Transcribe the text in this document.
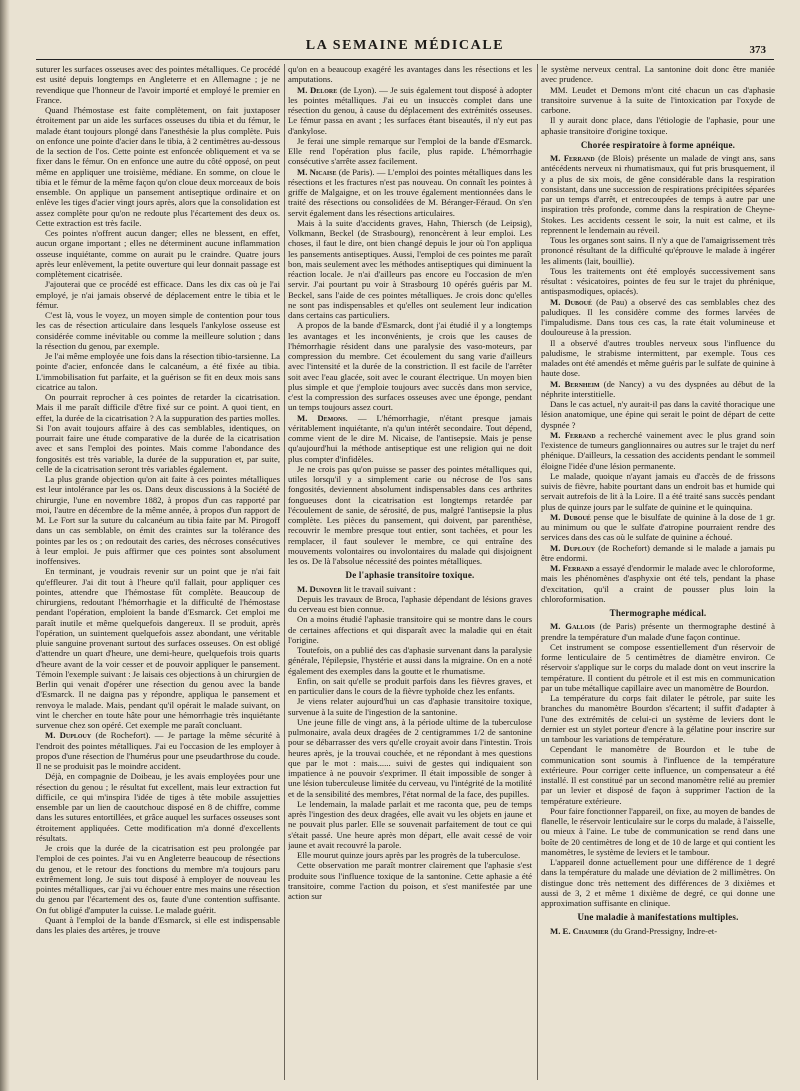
LA SEMAINE MÉDICALE	373

suturer les surfaces osseuses avec des pointes métalliques. Ce procédé est usité depuis longtemps en Angleterre et en Allemagne ; je ne revendique que l'honneur de l'avoir importé et employé le premier en France.

Quand l'hémostase est faite complètement, on fait juxtaposer étroitement par un aide les surfaces osseuses du tibia et du fémur, le malade étant toujours plongé dans l'anesthésie la plus complète. Puis on enfonce une pointe d'acier dans le tibia, à 2 centimètres au-dessous de la section de l'os. Cette pointe est enfoncée obliquement et va se fixer dans le fémur. On en enfonce une autre du côté opposé, on peut même en appliquer une troisième, médiane. En somme, on cloue le tibia et le fémur de la même façon qu'on cloue deux morceaux de bois ensemble. On applique un pansement antiseptique ordinaire et on enlève les tiges d'acier vingt jours après, alors que la consolidation est assez complète pour qu'on ne redoute plus l'écartement des deux os. Cette extraction est très facile.

Ces pointes n'offrent aucun danger; elles ne blessent, en effet, aucun organe important ; elles ne déterminent aucune inflammation osseuse inquiétante, comme on aurait pu le craindre. Quatre jours après leur enlèvement, la petite ouverture qui leur donnait passage est complètement cicatrisée.

J'ajouterai que ce procédé est efficace. Dans les dix cas où je l'ai employé, je n'ai jamais observé de déplacement entre le tibia et le fémur.

C'est là, vous le voyez, un moyen simple de contention pour tous les cas de résection articulaire dans lesquels l'ankylose osseuse est considérée comme inévitable ou comme la meilleure solution ; dans la résection du genou, par exemple.

Je l'ai même employée une fois dans la résection tibio-tarsienne. La pointe d'acier, enfoncée dans le calcanéum, a été fixée au tibia. L'immobilisation fut parfaite, et la guérison se fit en deux mois sans cicatrice au talon.

On pourrait reprocher à ces pointes de retarder la cicatrisation. Mais il me paraît difficile d'être fixé sur ce point. A quoi tient, en effet, la durée de la cicatrisation ? A la suppuration des parties molles. Si l'on avait toujours affaire à des cas semblables, identiques, on pourrait faire une étude comparative de la durée de la cicatrisation avec et sans l'emploi des pointes. Mais comme l'abondance des fongosités est très variable, la durée de la suppuration et, par suite, celle de la cicatrisation seront très variables également.

La plus grande objection qu'on ait faite à ces pointes métalliques est leur intolérance par les os. Dans deux discussions à la Société de chirurgie, l'une en novembre 1882, à propos d'un cas rapporté par moi, l'autre en décembre de la même année, à propos d'un rapport de M. Le Fort sur la suture du calcanéum au tibia faite par M. Pirogoff dans un cas semblable, on émit des craintes sur la tolérance des pointes par les os ; on redoutait des caries, des nécroses consécutives à leur emploi. Je puis affirmer que ces pointes sont absolument inoffensives.

En terminant, je voudrais revenir sur un point que je n'ai fait qu'effleurer. J'ai dit tout à l'heure qu'il fallait, pour appliquer ces pointes, attendre que l'hémostase fût complète. Beaucoup de chirurgiens, redoutant l'hémorrhagie et la difficulté de l'hémostase pendant l'opération, emploient la bande d'Esmarck. Cet emploi me paraît inutile et même quelquefois dangereux. Il se produit, après l'opération, un suintement quelquefois assez abondant, une véritable pluie sanguine provenant surtout des surfaces osseuses. On est obligé d'attendre un quart d'heure, une demi-heure, quelquefois trois quarts d'heure avant de la voir cesser et de pouvoir appliquer le pansement. Témoin l'exemple suivant : Je laisais ces objections à un chirurgien de Berlin qui venait d'opérer une résection du genou avec la bande d'Esmarck. Il ne daigna pas y répondre, appliqua le pansement et renvoya le malade. Mais, pendant qu'il opérait le malade suivant, on vint le chercher en toute hâte pour une hémorrhagie très inquiétante survenue chez son opéré. Cet exemple me paraît concluant.

M. Duplouy (de Rochefort). — Je partage la même sécurité à l'endroit des pointes métalliques. J'ai eu l'occasion de les employer à propos d'une résection de l'humérus pour une pseudarthrose du coude. Il ne se produisit pas le moindre accident.

Déjà, en compagnie de Doibeau, je les avais employées pour une résection du genou ; le résultat fut excellent, mais leur extraction fut difficile, ce qui m'inspira l'idée de tiges à tête mobile assujetties ensemble par un lien de caoutchouc disposé en 8 de chiffre, comme dans les sutures entortillées, et grâce auquel les surfaces osseuses sont étroitement appliquées. Cette modification m'a donné d'excellents résultats.

Je crois que la durée de la cicatrisation est peu prolongée par l'emploi de ces pointes. J'ai vu en Angleterre beaucoup de résections du genou, et le retour des fonctions du membre m'a toujours paru extrêmement long. Je suis tout disposé à employer de nouveau les pointes métalliques, car j'ai vu échouer entre mes mains une résection du genou par l'écartement des os, faute d'une contention suffisante. On fut obligé d'amputer la cuisse. Le malade guérit.

Quant à l'emploi de la bande d'Esmarck, si elle est indispensable dans les plaies des artères, je trouve

qu'on en a beaucoup exagéré les avantages dans les résections et les amputations.

M. Delore (de Lyon). — Je suis également tout disposé à adopter les pointes métalliques. J'ai eu un insuccès complet dans une résection du genou, à cause du déplacement des extrémités osseuses. Le fémur passa en avant ; les surfaces étant biseautés, il n'y eut pas d'ankylose.

Je ferai une simple remarque sur l'emploi de la bande d'Esmarck. Elle rend l'opération plus facile, plus rapide. L'hémorrhagie consécutive s'arrête assez facilement.

M. Nicaise (de Paris). — L'emploi des pointes métalliques dans les résections et les fractures n'est pas nouveau. On connaît les pointes à griffe de Malgaigne, et on les trouve également mentionnées dans le traité des résections ou consolidées de M. Béranger-Féraud. On s'en servit également dans les résections articulaires.

Mais à la suite d'accidents graves, Hahn, Thiersch (de Leipsig), Volkmann, Beckel (de Strasbourg), renoncèrent à leur emploi. Les choses, il faut le dire, ont bien changé depuis le jour où l'on appliqua les pansements antiseptiques. Aussi, l'emploi de ces pointes me paraît bon, mais seulement avec les méthodes antiseptiques qui diminuent la réaction locale. Je n'ai d'ailleurs pas encore eu l'occasion de m'en servir. J'ai pourtant pu voir à Strasbourg 10 opérés guéris par M. Beckel, sans l'aide de ces pointes métalliques. Je crois donc qu'elles ne sont pas indispensables et qu'elles ont seulement leur indication dans certains cas particuliers.

A propos de la bande d'Esmarck, dont j'ai étudié il y a longtemps les avantages et les inconvénients, je crois que les causes de l'hémorrhagie résident dans une paralysie des vaso-moteurs, par compression du membre. Cet écoulement du sang varie d'ailleurs avec l'intensité et la durée de la constriction. Il est facile de l'arrêter soit avec l'eau glacée, soit avec le courant électrique. Un moyen bien plus simple et que j'emploie toujours avec succès dans mon service, c'est la compression des surfaces osseuses avec une éponge, pendant un temps toujours assez court.

M. Demons. — L'hémorrhagie, n'étant presque jamais véritablement inquiétante, n'a qu'un intérêt secondaire. Tout dépend, comme vient de le dire M. Nicaise, de l'antisepsie. Mais je pense qu'aujourd'hui la méthode antiseptique est une religion qui ne doit plus compter d'infidèles.

Je ne crois pas qu'on puisse se passer des pointes métalliques qui, utiles lorsqu'il y a simplement carie ou nécrose de l'os sans fongosités, deviennent absolument indispensables dans ces arthrites fongueuses dont la cicatrisation est longtemps retardée par l'écoulement de sanie, de sérosité, de pus, malgré l'antisepsie la plus complète. Les pièces du pansement, qui doivent, par parenthèse, recouvrir le membre presque tout entier, sont tachées, et pour les remplacer, il faut soulever le membre, ce qui entraîne des mouvements volontaires ou involontaires du malade qui disjoignent les os. De là l'absolue nécessité des pointes métalliques.

De l'aphasie transitoire toxique.

M. Dunoyer lit le travail suivant :

Depuis les travaux de Broca, l'aphasie dépendant de lésions graves du cerveau est bien connue.

On a moins étudié l'aphasie transitoire qui se montre dans le cours de certaines affections et qui disparaît avec la maladie qui en était l'origine.

Toutefois, on a publié des cas d'aphasie survenant dans la paralysie générale, l'épilepsie, l'hystérie et aussi dans la migraine. On en a noté également des exemples dans la goutte et le rhumatisme.

Enfin, on sait qu'elle se produit parfois dans les fièvres graves, et en particulier dans le cours de la fièvre typhoïde chez les enfants.

Je viens relater aujourd'hui un cas d'aphasie transitoire toxique, survenue à la suite de l'ingestion de la santonine.

Une jeune fille de vingt ans, à la période ultime de la tuberculose pulmonaire, avala deux dragées de 2 centigrammes 1/2 de santonine pour se débarrasser des vers qu'elle croyait avoir dans l'intestin. Trois heures après, je la trouvai couchée, et ne répondant à mes questions que par le mot : mais...... suivi de gestes qui indiquaient son impatience à ne pouvoir s'exprimer. Il était impossible de songer à une lésion tuberculeuse limitée du cerveau, vu l'intégrité de la motilité et de la sensibilité des membres, l'état normal de la face, des pupilles.

Le lendemain, la malade parlait et me raconta que, peu de temps après l'ingestion des deux dragées, elle avait vu les objets en jaune et ne pouvait plus parler. Elle se souvenait parfaitement de tout ce qui s'était passé. Une heure après mon départ, elle avait cessé de voir jaune et avait recouvré la parole.

Elle mourut quinze jours après par les progrès de la tuberculose.

Cette observation me paraît montrer clairement que l'aphasie s'est produite sous l'influence toxique de la santonine. Cette aphasie a été transitoire, comme l'action du poison, et s'est manifestée par une action sur

le système nerveux central. La santonine doit donc être maniée avec prudence.

MM. Leudet et Demons m'ont cité chacun un cas d'aphasie transitoire survenue à la suite de l'intoxication par l'oxyde de carbone.

Il y aurait donc place, dans l'étiologie de l'aphasie, pour une aphasie transitoire d'origine toxique.

Chorée respiratoire à forme apnéique.

M. Ferrand (de Blois) présente un malade de vingt ans, sans antécédents nerveux ni rhumatismaux, qui fut pris brusquement, il y a plus de six mois, de gêne considérable dans la respiration consistant, dans une succession de respirations précipitées séparées par un temps d'arrêt, et entrecoupées de temps à autre par une inspiration très profonde, comme dans la respiration de Cheyne-Stokes. Les accidents cessent le soir, la nuit est calme, et ils reprennent le lendemain au réveil.

Tous les organes sont sains. Il n'y a que de l'amaigrissement très prononcé résultant de la difficulté qu'éprouve le malade à ingérer les aliments (lait, bouillie).

Tous les traitements ont été employés successivement sans résultat : vésicatoires, pointes de feu sur le trajet du phrénique, antispasmodiques, opiacés).

M. Duboué (de Pau) a observé des cas semblables chez des paludiques. Il les considère comme des formes larvées de l'impaludisme. Dans tous ces cas, la rate était volumineuse et douloureuse à la pression.

Il a observé d'autres troubles nerveux sous l'influence du paludisme, le strabisme intermittent, par exemple. Tous ces malades ont été amendés et même guéris par le sulfate de quinine à haute dose.

M. Bernheim (de Nancy) a vu des dyspnées au début de la néphrite interstitielle.

Dans le cas actuel, n'y aurait-il pas dans la cavité thoracique une lésion anatomique, une épine qui serait le point de départ de cette dyspnée ?

M. Ferrand a recherché vainement avec le plus grand soin l'existence de tumeurs ganglionnaires ou autres sur le trajet du nerf phénique. D'ailleurs, la cessation des accidents pendant le sommeil éloigne l'idée d'une lésion permanente.

Le malade, quoique n'ayant jamais eu d'accès de de frissons suivis de fièvre, habite pourtant dans un endroit bas et humide qui servait autrefois de lit à la Loire. Il a été traité sans succès pendant plus de quinze jours par le sulfate de quinine et le quinquina.

M. Duboué pense que le bisulfate de quinine à la dose de 1 gr. au minimum ou que le sulfate d'atropine pourraient rendre des services dans des cas où le sulfate de quinine a échoué.

M. Duplouy (de Rochefort) demande si le malade a jamais pu être endormi.

M. Ferrand a essayé d'endormir le malade avec le chloroforme, mais les phénomènes d'asphyxie ont été tels, pendant la phase d'excitation, qu'il a craint de pousser plus loin la chloroformisation.

Thermographe médical.

M. Gallois (de Paris) présente un thermographe destiné à prendre la température d'un malade d'une façon continue.

Cet instrument se compose essentiellement d'un réservoir de forme lenticulaire de 5 centimètres de diamètre environ. Ce réservoir s'applique sur le corps du malade dont on veut inscrire la température. Il contient du pétrole et il est mis en communication par un tube métallique capillaire avec un manomètre de Bourdon.

La température du corps fait dilater le pétrole, par suite les branches du manomètre Bourdon s'écartent; il suffit d'adapter à l'une des extrémités de celui-ci un système de leviers dont le dernier est un stylet porteur d'encre à la gélatine pour inscrire sur un tambour les variations de température.

Cependant le manomètre de Bourdon et le tube de communication sont soumis à l'influence de la température extérieure. Pour corriger cette influence, un compensateur a été installé. Il est constitué par un second manomètre relié au premier par un levier et disposé de façon à supprimer l'action de la température extérieure.

Pour faire fonctionner l'appareil, on fixe, au moyen de bandes de flanelle, le réservoir lenticulaire sur le corps du malade, à l'aisselle, ou mieux à l'aine. Le tube de communication se rend dans une boîte de 20 centimètres de long et de 10 de large et qui contient les manomètres, le système de leviers et le tambour.

L'appareil donne actuellement pour une différence de 1 degré dans la température du malade une déviation de 2 millimètres. On distingue donc très nettement des différences de 3 dixièmes et aussi de 3, 2 et même 1 dixième de degré, ce qui donne une approximation suffisante en clinique.

Une maladie à manifestations multiples.

M. E. Chaumier (du Grand-Pressigny, Indre-et-
